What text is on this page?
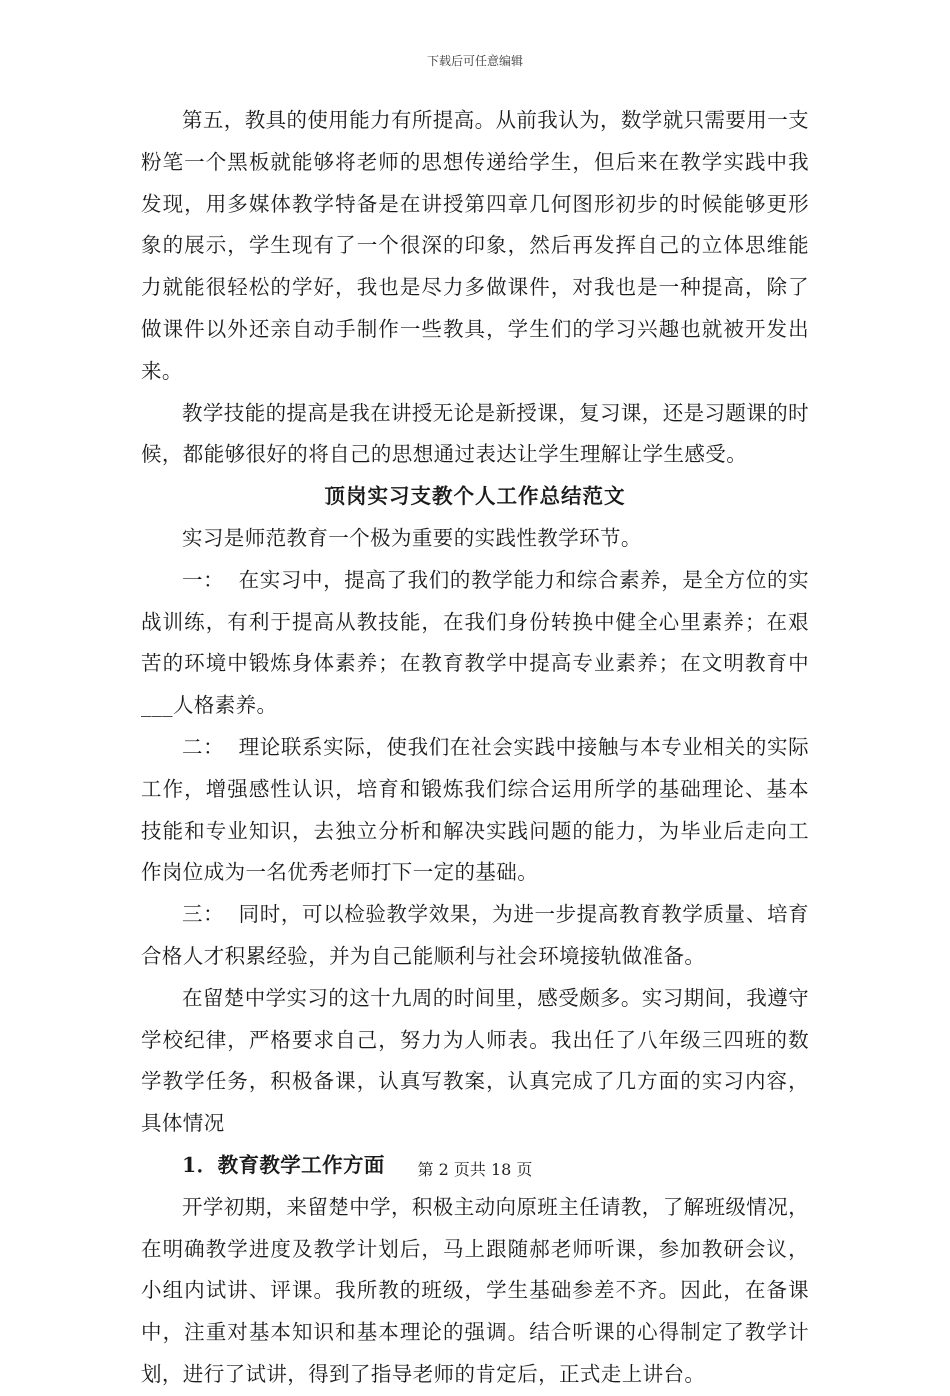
下载后可任意编辑

第五，教具的使用能力有所提高。从前我认为，数学就只需要用一支粉笔一个黑板就能够将老师的思想传递给学生，但后来在教学实践中我发现，用多媒体教学特备是在讲授第四章几何图形初步的时候能够更形象的展示，学生现有了一个很深的印象，然后再发挥自己的立体思维能力就能很轻松的学好，我也是尽力多做课件，对我也是一种提高，除了做课件以外还亲自动手制作一些教具，学生们的学习兴趣也就被开发出来。

教学技能的提高是我在讲授无论是新授课，复习课，还是习题课的时候，都能够很好的将自己的思想通过表达让学生理解让学生感受。

顶岗实习支教个人工作总结范文

实习是师范教育一个极为重要的实践性教学环节。

一：  在实习中，提高了我们的教学能力和综合素养，是全方位的实战训练，有利于提高从教技能，在我们身份转换中健全心里素养；在艰苦的环境中锻炼身体素养；在教育教学中提高专业素养；在文明教育中___人格素养。

二：  理论联系实际，使我们在社会实践中接触与本专业相关的实际工作，增强感性认识，培育和锻炼我们综合运用所学的基础理论、基本技能和专业知识，去独立分析和解决实践问题的能力，为毕业后走向工作岗位成为一名优秀老师打下一定的基础。

三：  同时，可以检验教学效果，为进一步提高教育教学质量、培育合格人才积累经验，并为自己能顺利与社会环境接轨做准备。

在留楚中学实习的这十九周的时间里，感受颇多。实习期间，我遵守学校纪律，严格要求自己，努力为人师表。我出任了八年级三四班的数学教学任务，积极备课，认真写教案，认真完成了几方面的实习内容，具体情况

1．教育教学工作方面

开学初期，来留楚中学，积极主动向原班主任请教，了解班级情况，在明确教学进度及教学计划后，马上跟随郝老师听课，参加教研会议，小组内试讲、评课。我所教的班级，学生基础参差不齐。因此，在备课中，注重对基本知识和基本理论的强调。结合听课的心得制定了教学计划，进行了试讲，得到了指导老师的肯定后，正式走上讲台。

第 2 页共 18 页
